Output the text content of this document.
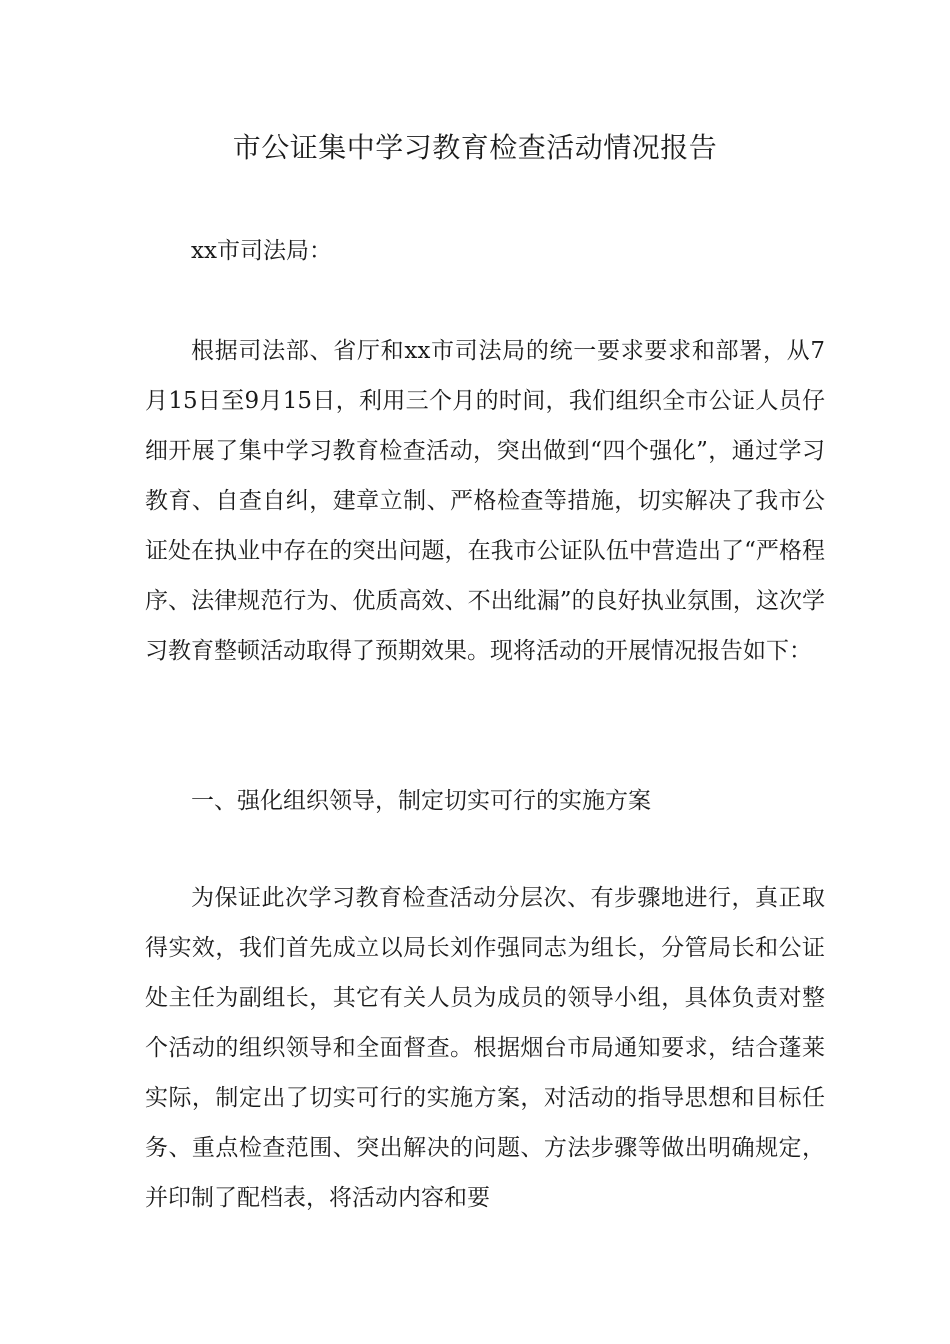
市公证集中学习教育检查活动情况报告

xx市司法局：

根据司法部、省厅和xx市司法局的统一要求要求和部署，从7月15日至9月15日，利用三个月的时间，我们组织全市公证人员仔细开展了集中学习教育检查活动，突出做到“四个强化”，通过学习教育、自查自纠，建章立制、严格检查等措施，切实解决了我市公证处在执业中存在的突出问题，在我市公证队伍中营造出了“严格程序、法律规范行为、优质高效、不出纰漏”的良好执业氛围，这次学习教育整顿活动取得了预期效果。现将活动的开展情况报告如下：

一、强化组织领导，制定切实可行的实施方案

为保证此次学习教育检查活动分层次、有步骤地进行，真正取得实效，我们首先成立以局长刘作强同志为组长，分管局长和公证处主任为副组长，其它有关人员为成员的领导小组，具体负责对整个活动的组织领导和全面督查。根据烟台市局通知要求，结合蓬莱实际，制定出了切实可行的实施方案，对活动的指导思想和目标任务、重点检查范围、突出解决的问题、方法步骤等做出明确规定，并印制了配档表，将活动内容和要
